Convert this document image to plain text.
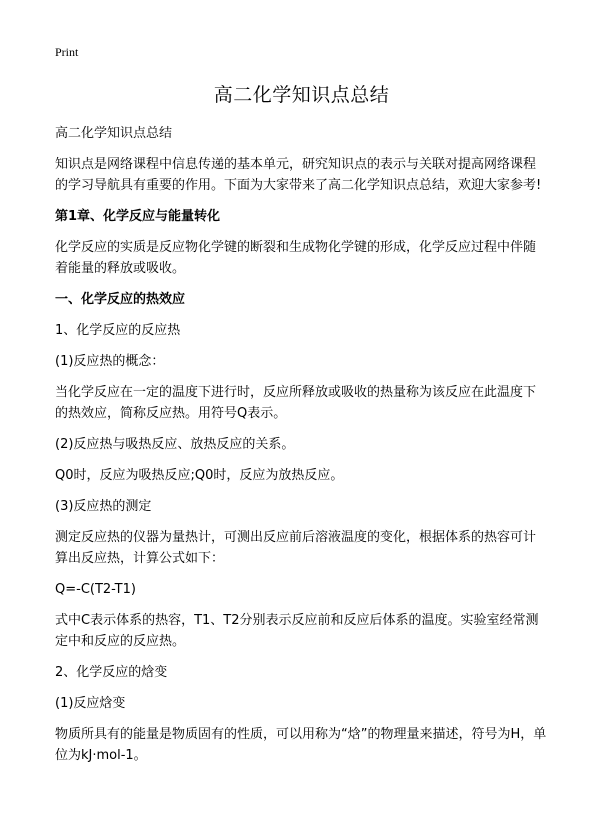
Print
高二化学知识点总结

高二化学知识点总结

知识点是网络课程中信息传递的基本单元，研究知识点的表示与关联对提高网络课程的学习导航具有重要的作用。下面为大家带来了高二化学知识点总结，欢迎大家参考!

第1章、化学反应与能量转化

化学反应的实质是反应物化学键的断裂和生成物化学键的形成，化学反应过程中伴随着能量的释放或吸收。

一、化学反应的热效应

1、化学反应的反应热

(1)反应热的概念：

当化学反应在一定的温度下进行时，反应所释放或吸收的热量称为该反应在此温度下的热效应，简称反应热。用符号Q表示。

(2)反应热与吸热反应、放热反应的关系。

Q0时，反应为吸热反应;Q0时，反应为放热反应。

(3)反应热的测定

测定反应热的仪器为量热计，可测出反应前后溶液温度的变化，根据体系的热容可计算出反应热，计算公式如下：

Q=-C(T2-T1)

式中C表示体系的热容，T1、T2分别表示反应前和反应后体系的温度。实验室经常测定中和反应的反应热。

2、化学反应的焓变

(1)反应焓变

物质所具有的能量是物质固有的性质，可以用称为“焓”的物理量来描述，符号为H，单位为kJ·mol-1。
